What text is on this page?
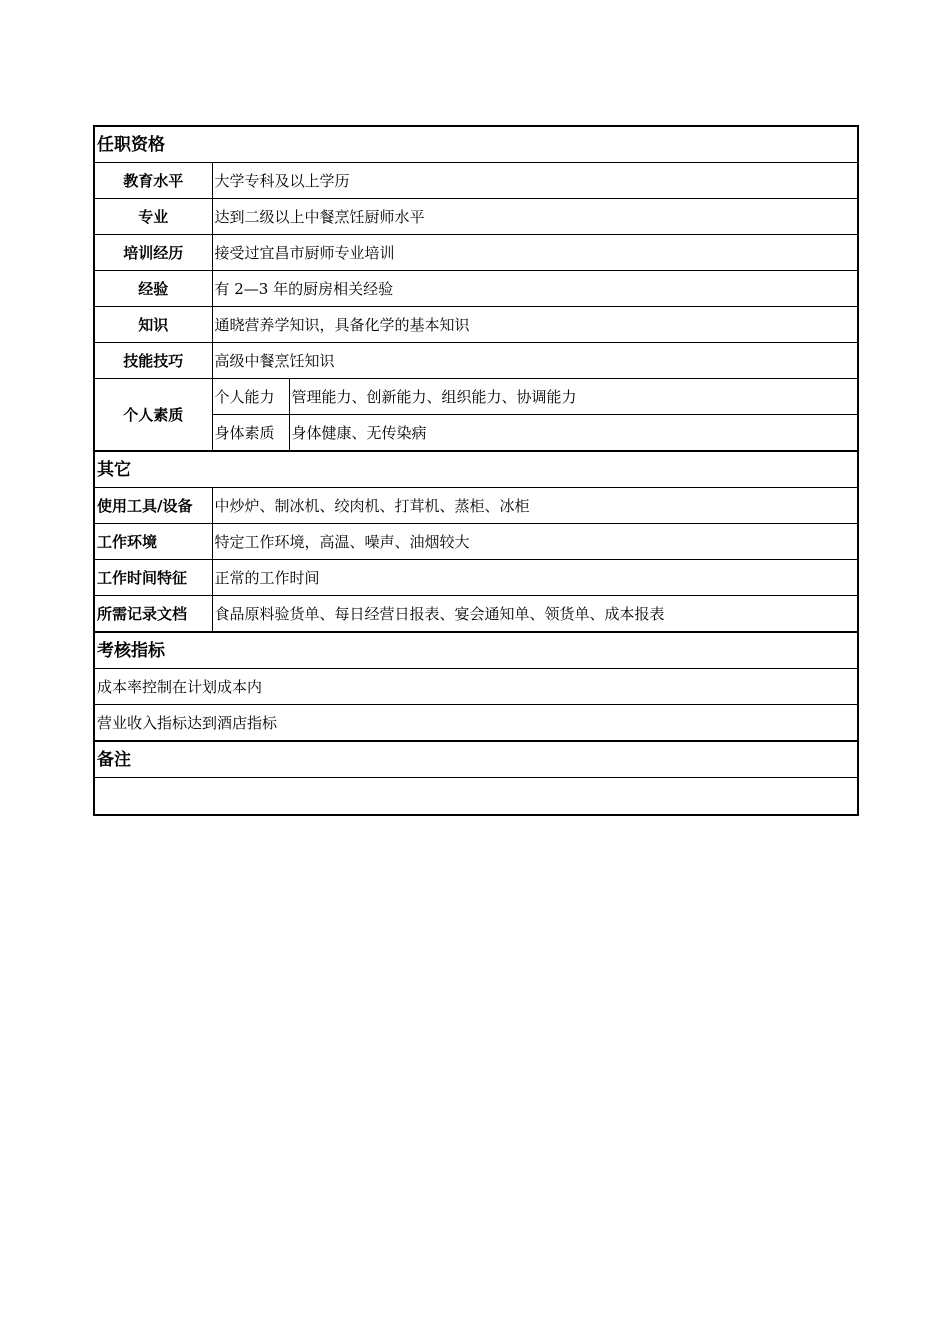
任职资格		
教育水平	大学专科及以上学历	
专业	达到二级以上中餐烹饪厨师水平	
培训经历	接受过宜昌市厨师专业培训	
经验	有 2—3 年的厨房相关经验	
知识	通晓营养学知识，具备化学的基本知识	
技能技巧	高级中餐烹饪知识	
个人素质	个人能力	管理能力、创新能力、组织能力、协调能力
	身体素质	身体健康、无传染病
其它		
使用工具/设备	中炒炉、制冰机、绞肉机、打茸机、蒸柜、冰柜	
工作环境	特定工作环境，高温、噪声、油烟较大	
工作时间特征	正常的工作时间	
所需记录文档	食品原料验货单、每日经营日报表、宴会通知单、领货单、成本报表	
考核指标		
成本率控制在计划成本内		
营业收入指标达到酒店指标		
备注		
